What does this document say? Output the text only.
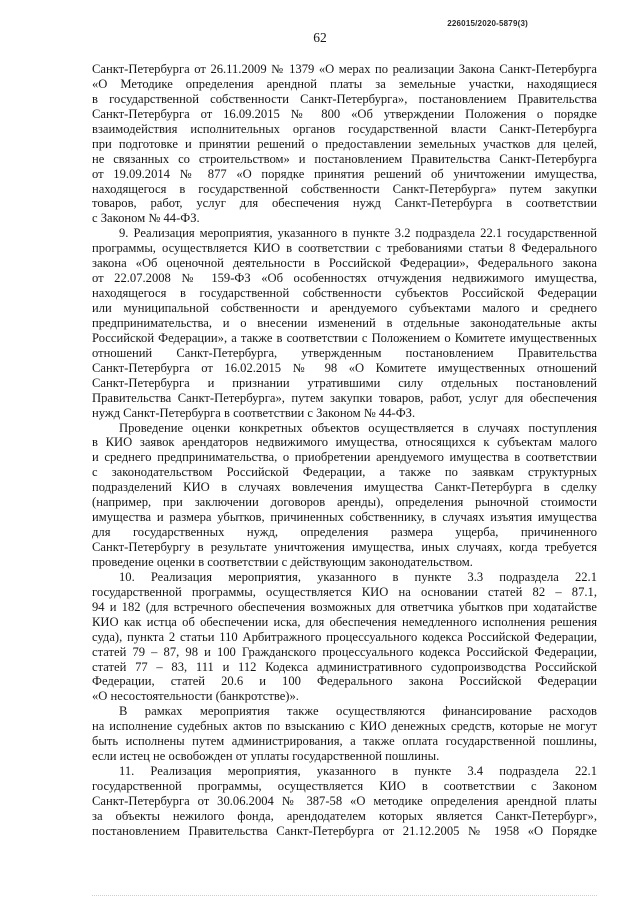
226015/2020-5879(3)
62
Санкт-Петербурга от 26.11.2009 № 1379 «О мерах по реализации Закона Санкт-Петербурга
«О Методике определения арендной платы за земельные участки, находящиеся
в государственной собственности Санкт-Петербурга», постановлением Правительства
Санкт-Петербурга от 16.09.2015 № 800 «Об утверждении Положения о порядке
взаимодействия исполнительных органов государственной власти Санкт-Петербурга
при подготовке и принятии решений о предоставлении земельных участков для целей,
не связанных со строительством» и постановлением Правительства Санкт-Петербурга
от 19.09.2014 № 877 «О порядке принятия решений об уничтожении имущества,
находящегося в государственной собственности Санкт-Петербурга» путем закупки
товаров, работ, услуг для обеспечения нужд Санкт-Петербурга в соответствии
с Законом № 44-ФЗ.
9. Реализация мероприятия, указанного в пункте 3.2 подраздела 22.1 государственной
программы, осуществляется КИО в соответствии с требованиями статьи 8 Федерального
закона «Об оценочной деятельности в Российской Федерации», Федерального закона
от 22.07.2008 № 159-ФЗ «Об особенностях отчуждения недвижимого имущества,
находящегося в государственной собственности субъектов Российской Федерации
или муниципальной собственности и арендуемого субъектами малого и среднего
предпринимательства, и о внесении изменений в отдельные законодательные акты
Российской Федерации», а также в соответствии с Положением о Комитете имущественных
отношений Санкт-Петербурга, утвержденным постановлением Правительства
Санкт-Петербурга от 16.02.2015 № 98 «О Комитете имущественных отношений
Санкт-Петербурга и признании утратившими силу отдельных постановлений
Правительства Санкт-Петербурга», путем закупки товаров, работ, услуг для обеспечения
нужд Санкт-Петербурга в соответствии с Законом № 44-ФЗ.
Проведение оценки конкретных объектов осуществляется в случаях поступления
в КИО заявок арендаторов недвижимого имущества, относящихся к субъектам малого
и среднего предпринимательства, о приобретении арендуемого имущества в соответствии
с законодательством Российской Федерации, а также по заявкам структурных
подразделений КИО в случаях вовлечения имущества Санкт-Петербурга в сделку
(например, при заключении договоров аренды), определения рыночной стоимости
имущества и размера убытков, причиненных собственнику, в случаях изъятия имущества
для государственных нужд, определения размера ущерба, причиненного
Санкт-Петербургу в результате уничтожения имущества, иных случаях, когда требуется
проведение оценки в соответствии с действующим законодательством.
10. Реализация мероприятия, указанного в пункте 3.3 подраздела 22.1
государственной программы, осуществляется КИО на основании статей 82 – 87.1,
94 и 182 (для встречного обеспечения возможных для ответчика убытков при ходатайстве
КИО как истца об обеспечении иска, для обеспечения немедленного исполнения решения
суда), пункта 2 статьи 110 Арбитражного процессуального кодекса Российской Федерации,
статей 79 – 87, 98 и 100 Гражданского процессуального кодекса Российской Федерации,
статей 77 – 83, 111 и 112 Кодекса административного судопроизводства Российской
Федерации, статей 20.6 и 100 Федерального закона Российской Федерации
«О несостоятельности (банкротстве)».
В рамках мероприятия также осуществляются финансирование расходов
на исполнение судебных актов по взысканию с КИО денежных средств, которые не могут
быть исполнены путем администрирования, а также оплата государственной пошлины,
если истец не освобожден от уплаты государственной пошлины.
11. Реализация мероприятия, указанного в пункте 3.4 подраздела 22.1
государственной программы, осуществляется КИО в соответствии с Законом
Санкт-Петербурга от 30.06.2004 № 387-58 «О методике определения арендной платы
за объекты нежилого фонда, арендодателем которых является Санкт-Петербург»,
постановлением Правительства Санкт-Петербурга от 21.12.2005 № 1958 «О Порядке
